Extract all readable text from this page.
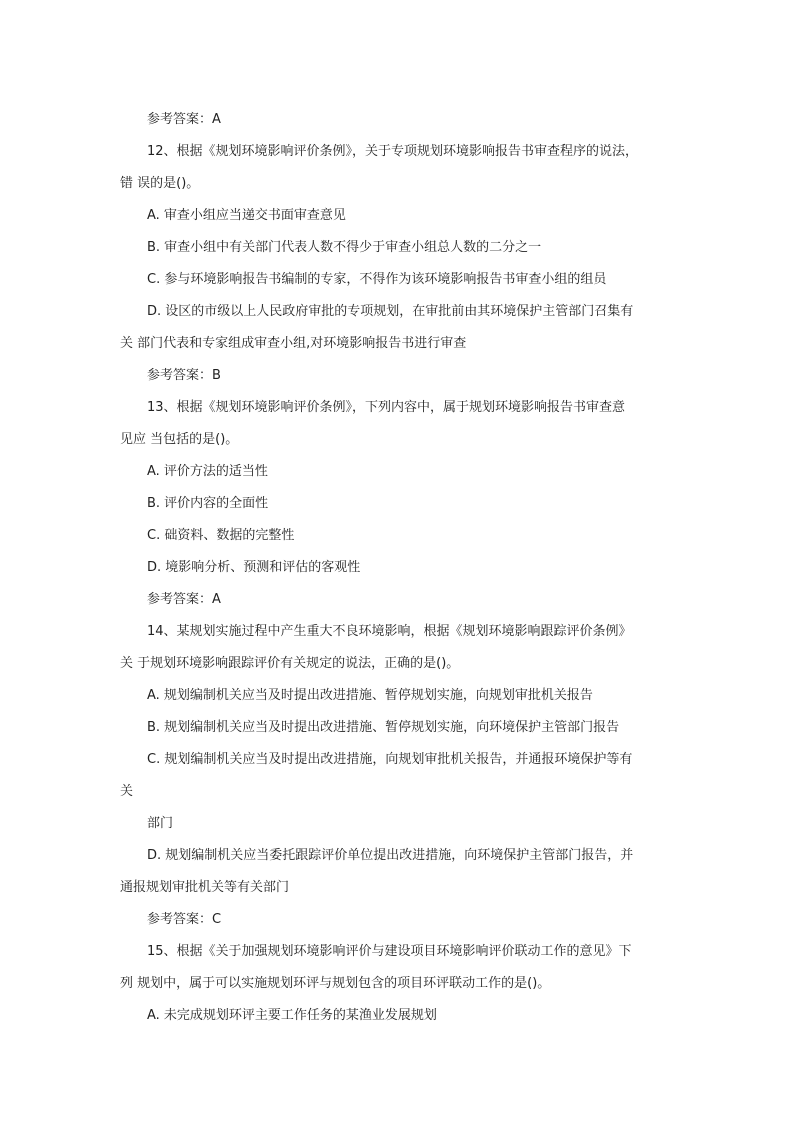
参考答案：A
12、根据《规划环境影响评价条例》，关于专项规划环境影响报告书审查程序的说法，
错 误的是()。
A. 审查小组应当递交书面审查意见
B. 审查小组中有关部门代表人数不得少于审查小组总人数的二分之一
C. 参与环境影响报告书编制的专家，不得作为该环境影响报告书审查小组的组员
D. 设区的市级以上人民政府审批的专项规划，在审批前由其环境保护主管部门召集有
关 部门代表和专家组成审查小组,对环境影响报告书进行审查
参考答案：B
13、根据《规划环境影响评价条例》，下列内容中，属于规划环境影响报告书审查意
见应 当包括的是()。
A. 评价方法的适当性
B. 评价内容的全面性
C. 础资料、数据的完整性
D. 境影响分析、预测和评估的客观性
参考答案：A
14、某规划实施过程中产生重大不良环境影响，根据《规划环境影响跟踪评价条例》
关 于规划环境影响跟踪评价有关规定的说法，正确的是()。
A. 规划编制机关应当及时提出改进措施、暂停规划实施，向规划审批机关报告
B. 规划编制机关应当及时提出改进措施、暂停规划实施，向环境保护主管部门报告
C. 规划编制机关应当及时提出改进措施，向规划审批机关报告，并通报环境保护等有
关
部门
D. 规划编制机关应当委托跟踪评价单位提出改进措施，向环境保护主管部门报告，并
通报规划审批机关等有关部门
参考答案：C
15、根据《关于加强规划环境影响评价与建设项目环境影响评价联动工作的意见》下
列 规划中，属于可以实施规划环评与规划包含的项目环评联动工作的是()。
A. 未完成规划环评主要工作任务的某渔业发展规划
